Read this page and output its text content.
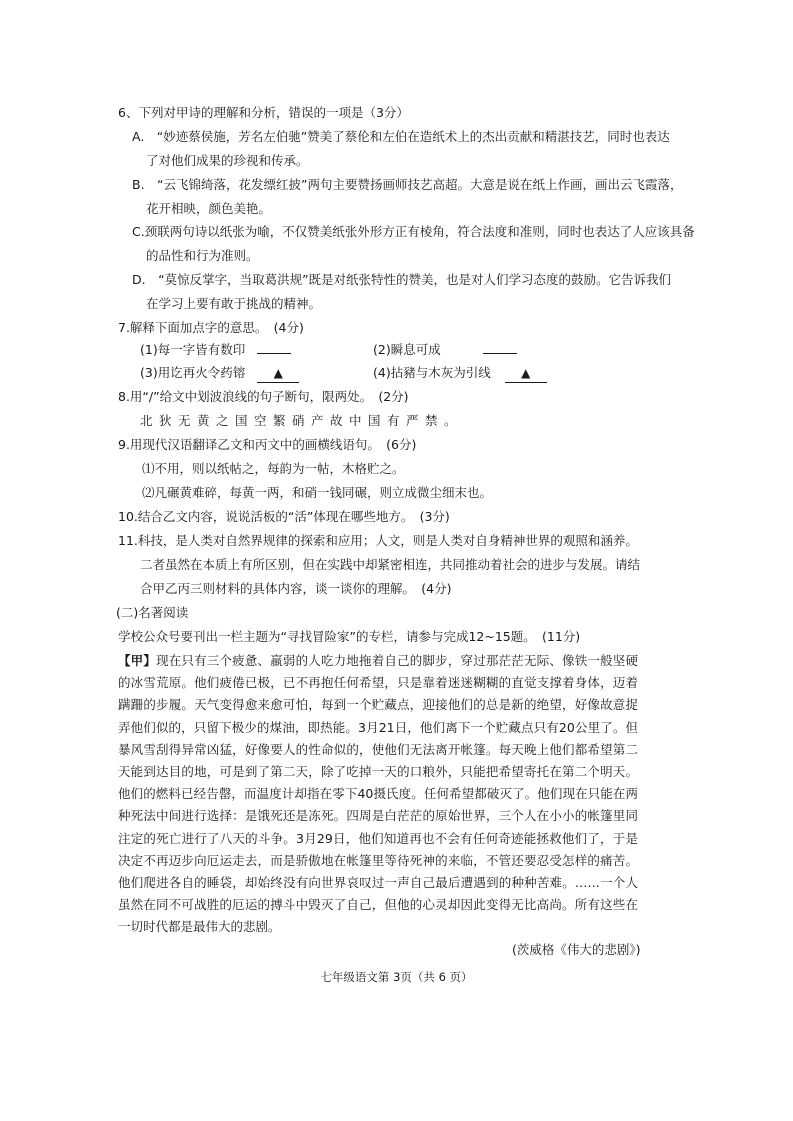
6、下列对甲诗的理解和分析，错误的一项是（3分）
A.　“妙迹蔡侯施，芳名左伯驰”赞美了蔡伦和左伯在造纸术上的杰出贡献和精湛技艺，同时也表达
了对他们成果的珍视和传承。
B.　“云飞锦绮落，花发缥红披”两句主要赞扬画师技艺高超。大意是说在纸上作画，画出云飞霞落，
花开相映，颜色美艳。
C.颈联两句诗以纸张为喻，不仅赞美纸张外形方正有棱角，符合法度和准则，同时也表达了人应该具备
的品性和行为准则。
D.　“莫惊反掌字，当取葛洪规”既是对纸张特性的赞美，也是对人们学习态度的鼓励。它告诉我们
在学习上要有敢于挑战的精神。
7.解释下面加点字的意思。　(4分)
(1)每一字皆有数印	(2)瞬息可成
(3)用讫再火令药镕 ▲	(4)拈豬与木灰为引线	▲
8.用“/”给文中划波浪线的句子断句，限两处。　(2分)
北狄无黄之国空繁硝产故中国有严禁。
9.用现代汉语翻译乙文和丙文中的画横线语句。　(6分)
⑴不用，则以纸帖之，每韵为一帖，木格贮之。
⑵凡碾黄难碎，每黄一两，和硝一钱同碾，则立成微尘细末也。
10.结合乙文内容，说说活板的“活”体现在哪些地方。　(3分)
11.科技，是人类对自然界规律的探索和应用；人文，则是人类对自身精神世界的观照和涵养。
二者虽然在本质上有所区别，但在实践中却紧密相连，共同推动着社会的进步与发展。请结
合甲乙丙三则材料的具体内容，谈一谈你的理解。　(4分)
(二)名著阅读
学校公众号要刊出一栏主题为“寻找冒险家”的专栏，请参与完成12~15题。　(11分)
【甲】现在只有三个疲惫、羸弱的人吃力地拖着自己的脚步，穿过那茫茫无际、像铁一般坚硬的冰雪荒原。他们疲倦已极，已不再抱任何希望，只是靠着迷迷糊糊的直觉支撑着身体，迈着蹒跚的步履。天气变得愈来愈可怕，每到一个贮藏点，迎接他们的总是新的绝望，好像故意捉弄他们似的，只留下极少的煤油，即热能。3月21日，他们离下一个贮藏点只有20公里了。但暴风雪刮得异常凶猛，好像要人的性命似的，使他们无法离开帐篷。每天晚上他们都希望第二天能到达目的地，可是到了第二天，除了吃掉一天的口粮外，只能把希望寄托在第二个明天。他们的燃料已经告罄，而温度计却指在零下40摄氏度。任何希望都破灭了。他们现在只能在两种死法中间进行选择：是饿死还是冻死。四周是白茫茫的原始世界，三个人在小小的帐篷里同注定的死亡进行了八天的斗争。3月29日，他们知道再也不会有任何奇迹能拯救他们了，于是决定不再迈步向厄运走去，而是骄傲地在帐篷里等待死神的来临，不管还要忍受怎样的痛苦。他们爬进各自的睡袋，却始终没有向世界哀叹过一声自己最后遭遇到的种种苦难。……一个人虽然在同不可战胜的厄运的搏斗中毁灭了自己，但他的心灵却因此变得无比高尚。所有这些在一切时代都是最伟大的悲剧。
(茨威格《伟大的悲剧》)
七年级语文第 3页（共 6 页）
